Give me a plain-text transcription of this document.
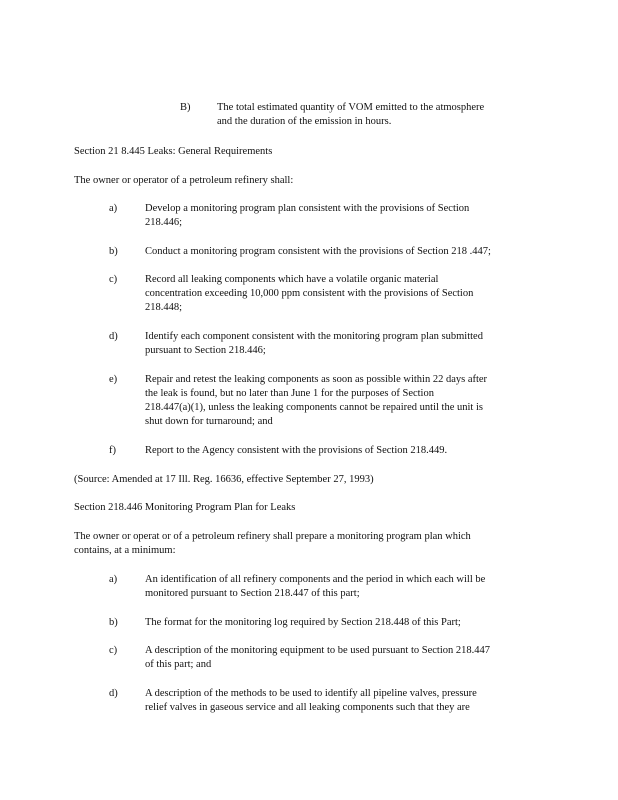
B)	The total estimated quantity of VOM emitted to the atmosphere
and the duration of the emission in hours.
Section 21 8.445 Leaks: General Requirements
The owner or operator of a petroleum refinery shall:
a)	Develop a monitoring program plan consistent with the provisions of Section
218.446;
b)	Conduct a monitoring program consistent with the provisions of Section 218 .447;
c)	Record all leaking components which have a volatile organic material
concentration exceeding 10,000 ppm consistent with the provisions of Section
218.448;
d)	Identify each component consistent with the monitoring program plan submitted
pursuant to Section 218.446;
e)	Repair and retest the leaking components as soon as possible within 22 days after
the leak is found, but no later than June 1 for the purposes of Section
218.447(a)(1), unless the leaking components cannot be repaired until the unit is
shut down for turnaround; and
f)	Report to the Agency consistent with the provisions of Section 218.449.
(Source: Amended at 17 Ill. Reg. 16636, effective September 27, 1993)
Section 218.446 Monitoring Program Plan for Leaks
The owner or operat or of a petroleum refinery shall prepare a monitoring program plan which
contains, at a minimum:
a)	An identification of all refinery components and the period in which each will be
monitored pursuant to Section 218.447 of this part;
b)	The format for the monitoring log required by Section 218.448 of this Part;
c)	A description of the monitoring equipment to be used pursuant to Section 218.447
of this part; and
d)	A description of the methods to be used to identify all pipeline valves, pressure
relief valves in gaseous service and all leaking components such that they are
